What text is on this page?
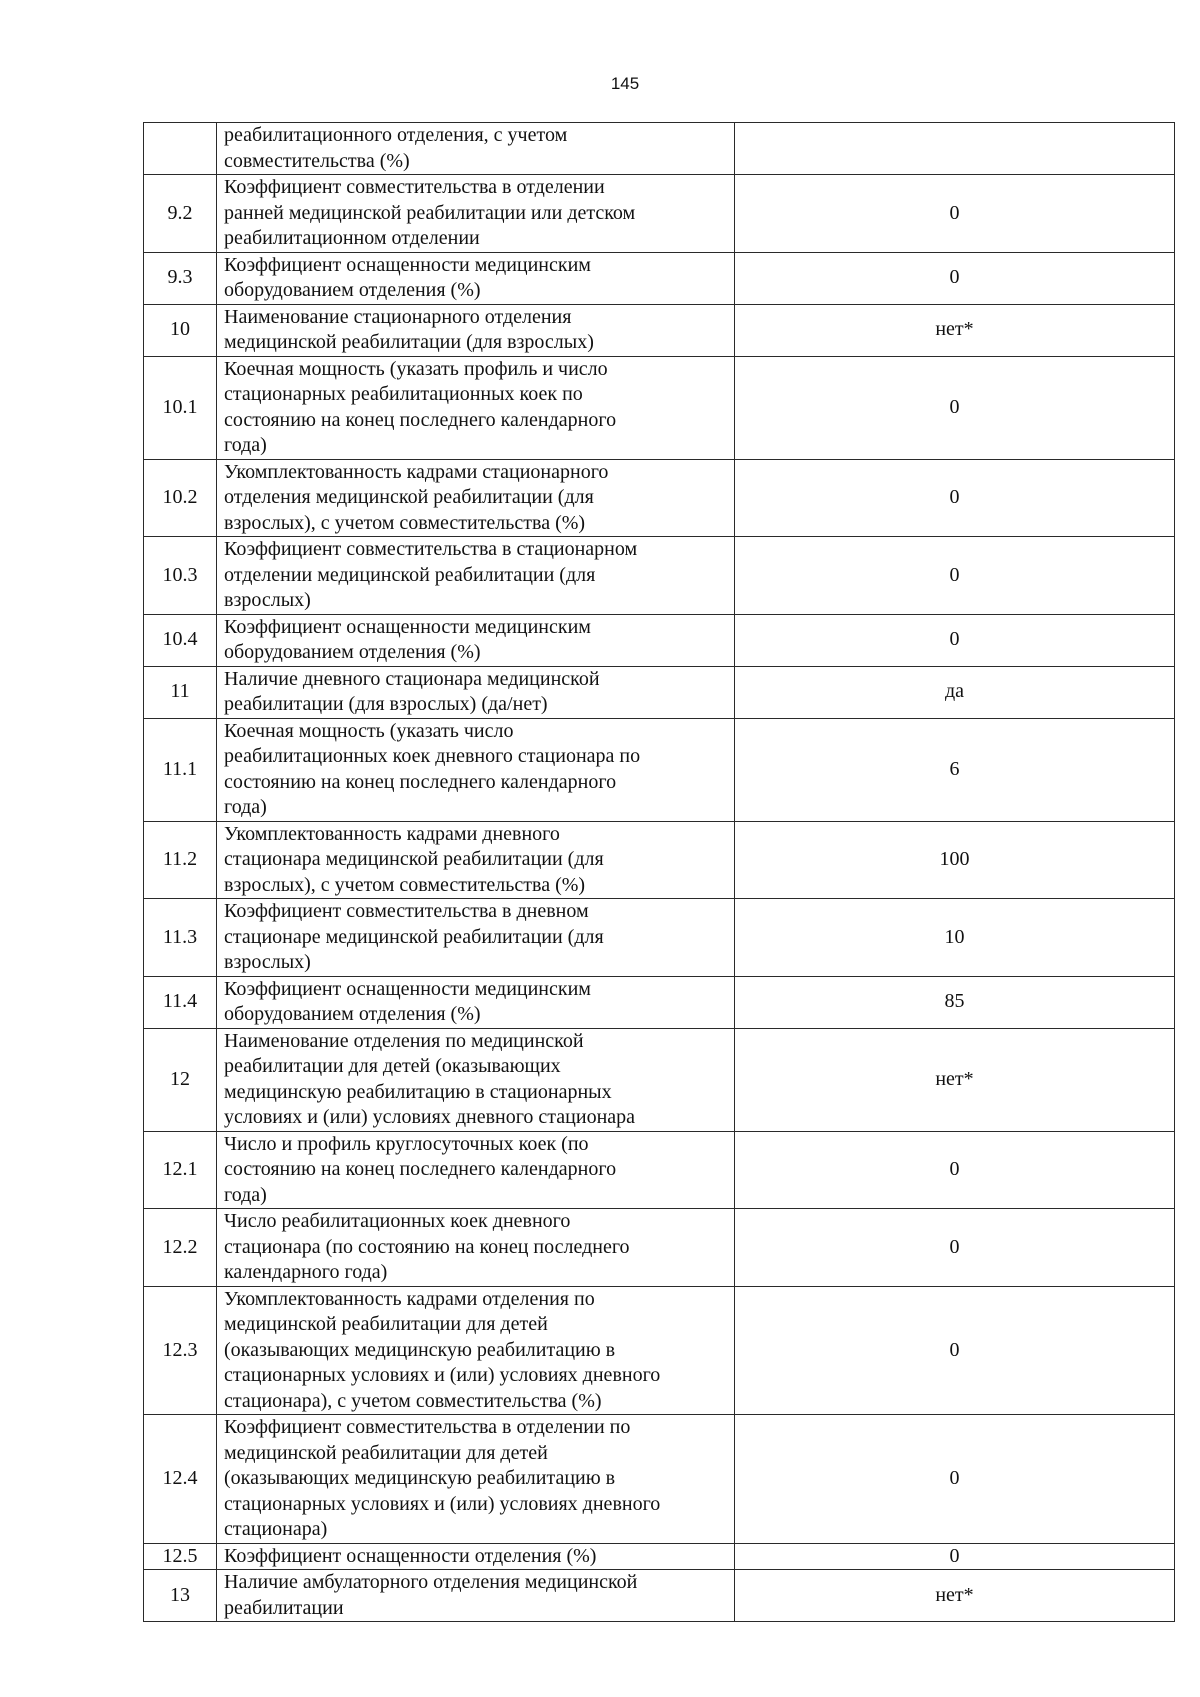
145

	реабилитационного отделения, с учетом
совместительства (%)	

9.2	Коэффициент совместительства в отделении
ранней медицинской реабилитации или детском
реабилитационном отделении	0
9.3	Коэффициент оснащенности медицинским
оборудованием отделения (%)	0
10	Наименование стационарного отделения
медицинской реабилитации (для взрослых)	нет*
10.1	Коечная мощность (указать профиль и число
стационарных реабилитационных коек по
состоянию на конец последнего календарного
года)	0
10.2	Укомплектованность кадрами стационарного
отделения медицинской реабилитации (для
взрослых), с учетом совместительства (%)	0
10.3	Коэффициент совместительства в стационарном
отделении медицинской реабилитации (для
взрослых)	0
10.4	Коэффициент оснащенности медицинским
оборудованием отделения (%)	0
11	Наличие дневного стационара медицинской
реабилитации (для взрослых) (да/нет)	да
11.1	Коечная мощность (указать число
реабилитационных коек дневного стационара по
состоянию на конец последнего календарного
года)	6
11.2	Укомплектованность кадрами дневного
стационара медицинской реабилитации (для
взрослых), с учетом совместительства (%)	100
11.3	Коэффициент совместительства в дневном
стационаре медицинской реабилитации (для
взрослых)	10
11.4	Коэффициент оснащенности медицинским
оборудованием отделения (%)	85
12	Наименование отделения по медицинской
реабилитации для детей (оказывающих
медицинскую реабилитацию в стационарных
условиях и (или) условиях дневного стационара	нет*
12.1	Число и профиль круглосуточных коек (по
состоянию на конец последнего календарного
года)	0
12.2	Число реабилитационных коек дневного
стационара (по состоянию на конец последнего
календарного года)	0
12.3	Укомплектованность кадрами отделения по
медицинской реабилитации для детей
(оказывающих медицинскую реабилитацию в
стационарных условиях и (или) условиях дневного
стационара), с учетом совместительства (%)	0
12.4	Коэффициент совместительства в отделении по
медицинской реабилитации для детей
(оказывающих медицинскую реабилитацию в
стационарных условиях и (или) условиях дневного
стационара)	0
12.5	Коэффициент оснащенности отделения (%)	0
13	Наличие амбулаторного отделения медицинской
реабилитации	нет*
